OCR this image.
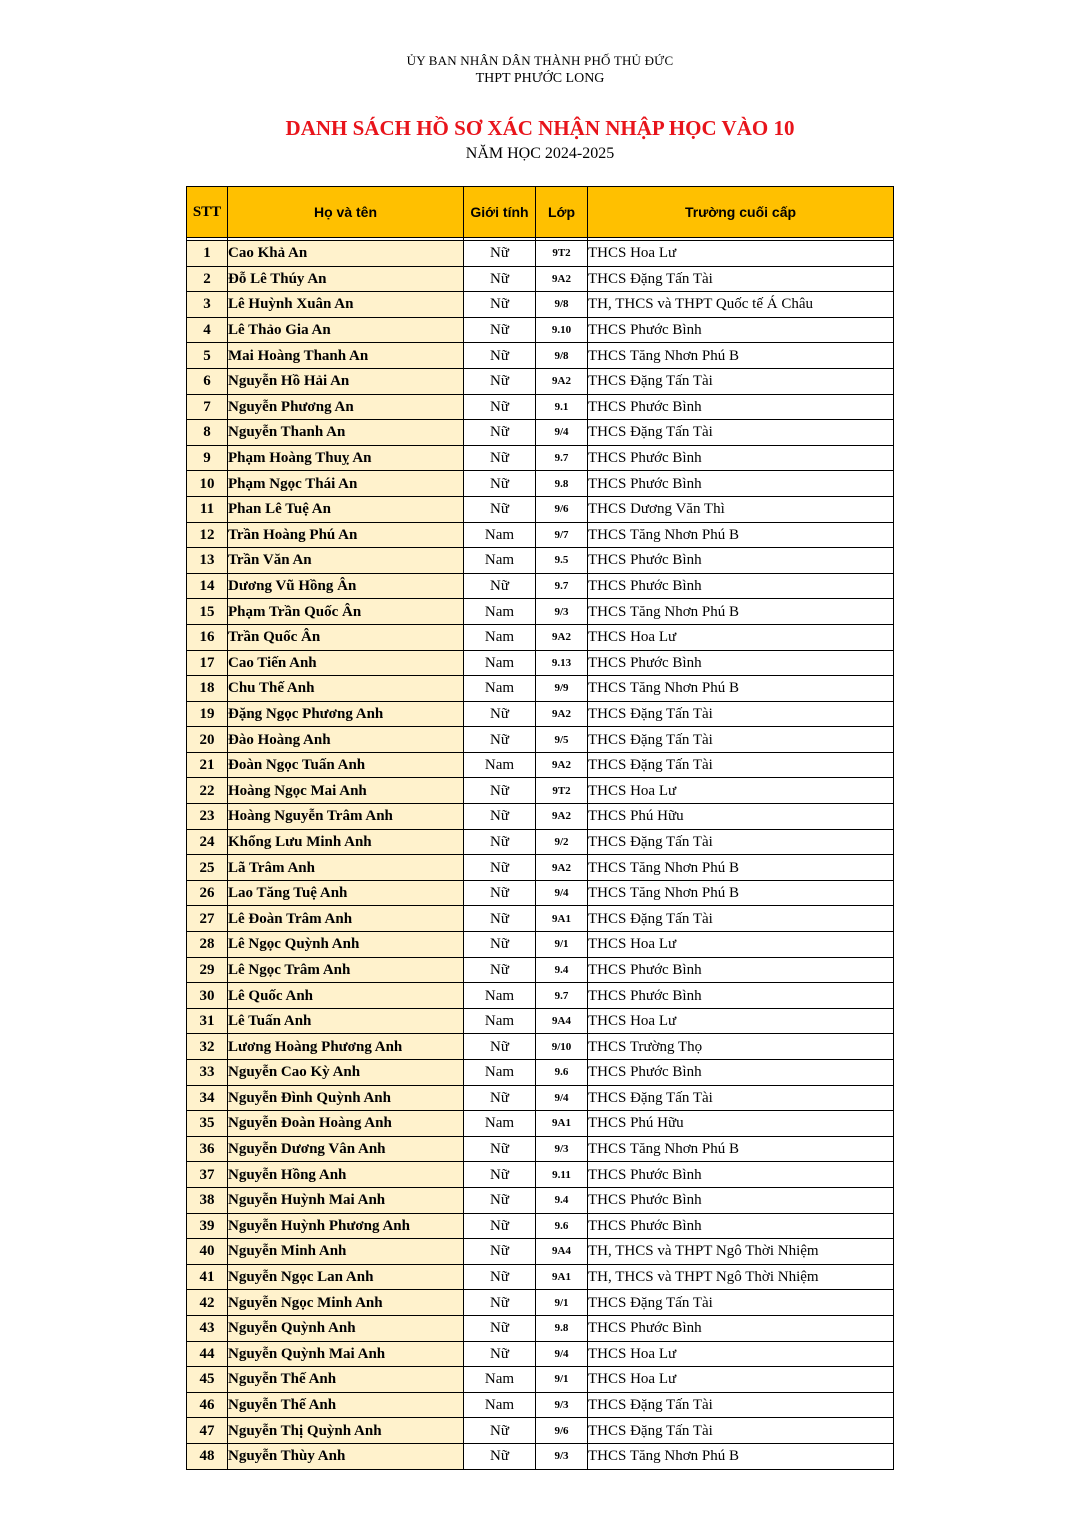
ỦY BAN NHÂN DÂN THÀNH PHỐ THỦ ĐỨC
THPT PHƯỚC LONG
DANH SÁCH HỒ SƠ XÁC NHẬN NHẬP HỌC VÀO 10
NĂM HỌC 2024-2025
STT	Họ và tên	Giới tính	Lớp	Trường cuối cấp

1	Cao Khả An	Nữ	9T2	THCS Hoa Lư
2	Đỗ Lê Thúy An	Nữ	9A2	THCS Đặng Tấn Tài
3	Lê Huỳnh Xuân An	Nữ	9/8	TH, THCS và THPT Quốc tế Á Châu
4	Lê Thảo Gia An	Nữ	9.10	THCS Phước Bình
5	Mai Hoàng Thanh An	Nữ	9/8	THCS Tăng Nhơn Phú B
6	Nguyễn Hồ Hải An	Nữ	9A2	THCS Đặng Tấn Tài
7	Nguyễn Phương An	Nữ	9.1	THCS Phước Bình
8	Nguyễn Thanh An	Nữ	9/4	THCS Đặng Tấn Tài
9	Phạm Hoàng Thuỵ An	Nữ	9.7	THCS Phước Bình
10	Phạm Ngọc Thái An	Nữ	9.8	THCS Phước Bình
11	Phan Lê Tuệ An	Nữ	9/6	THCS Dương Văn Thì
12	Trần Hoàng Phú An	Nam	9/7	THCS Tăng Nhơn Phú B
13	Trần Văn An	Nam	9.5	THCS Phước Bình
14	Dương Vũ Hồng Ân	Nữ	9.7	THCS Phước Bình
15	Phạm Trần Quốc Ân	Nam	9/3	THCS Tăng Nhơn Phú B
16	Trần Quốc Ân	Nam	9A2	THCS Hoa Lư
17	Cao Tiến Anh	Nam	9.13	THCS Phước Bình
18	Chu Thế Anh	Nam	9/9	THCS Tăng Nhơn Phú B
19	Đặng Ngọc Phương Anh	Nữ	9A2	THCS Đặng Tấn Tài
20	Đào Hoàng Anh	Nữ	9/5	THCS Đặng Tấn Tài
21	Đoàn Ngọc Tuấn Anh	Nam	9A2	THCS Đặng Tấn Tài
22	Hoàng Ngọc Mai Anh	Nữ	9T2	THCS Hoa Lư
23	Hoàng Nguyễn Trâm Anh	Nữ	9A2	THCS Phú Hữu
24	Khổng Lưu Minh Anh	Nữ	9/2	THCS Đặng Tấn Tài
25	Lã Trâm Anh	Nữ	9A2	THCS Tăng Nhơn Phú B
26	Lao Tăng Tuệ Anh	Nữ	9/4	THCS Tăng Nhơn Phú B
27	Lê Đoàn Trâm Anh	Nữ	9A1	THCS Đặng Tấn Tài
28	Lê Ngọc Quỳnh Anh	Nữ	9/1	THCS Hoa Lư
29	Lê Ngọc Trâm Anh	Nữ	9.4	THCS Phước Bình
30	Lê Quốc Anh	Nam	9.7	THCS Phước Bình
31	Lê Tuấn Anh	Nam	9A4	THCS Hoa Lư
32	Lương Hoàng Phương Anh	Nữ	9/10	THCS Trường Thọ
33	Nguyễn Cao Kỳ Anh	Nam	9.6	THCS Phước Bình
34	Nguyễn Đình Quỳnh Anh	Nữ	9/4	THCS Đặng Tấn Tài
35	Nguyễn Đoàn Hoàng Anh	Nam	9A1	THCS Phú Hữu
36	Nguyễn Dương Vân Anh	Nữ	9/3	THCS Tăng Nhơn Phú B
37	Nguyễn Hồng Anh	Nữ	9.11	THCS Phước Bình
38	Nguyễn Huỳnh Mai Anh	Nữ	9.4	THCS Phước Bình
39	Nguyễn Huỳnh Phương Anh	Nữ	9.6	THCS Phước Bình
40	Nguyễn Minh Anh	Nữ	9A4	TH, THCS và THPT Ngô Thời Nhiệm
41	Nguyễn Ngọc Lan Anh	Nữ	9A1	TH, THCS và THPT Ngô Thời Nhiệm
42	Nguyễn Ngọc Minh Anh	Nữ	9/1	THCS Đặng Tấn Tài
43	Nguyễn Quỳnh Anh	Nữ	9.8	THCS Phước Bình
44	Nguyễn Quỳnh Mai Anh	Nữ	9/4	THCS Hoa Lư
45	Nguyễn Thế Anh	Nam	9/1	THCS Hoa Lư
46	Nguyễn Thế Anh	Nam	9/3	THCS Đặng Tấn Tài
47	Nguyễn Thị Quỳnh Anh	Nữ	9/6	THCS Đặng Tấn Tài
48	Nguyễn Thùy Anh	Nữ	9/3	THCS Tăng Nhơn Phú B
